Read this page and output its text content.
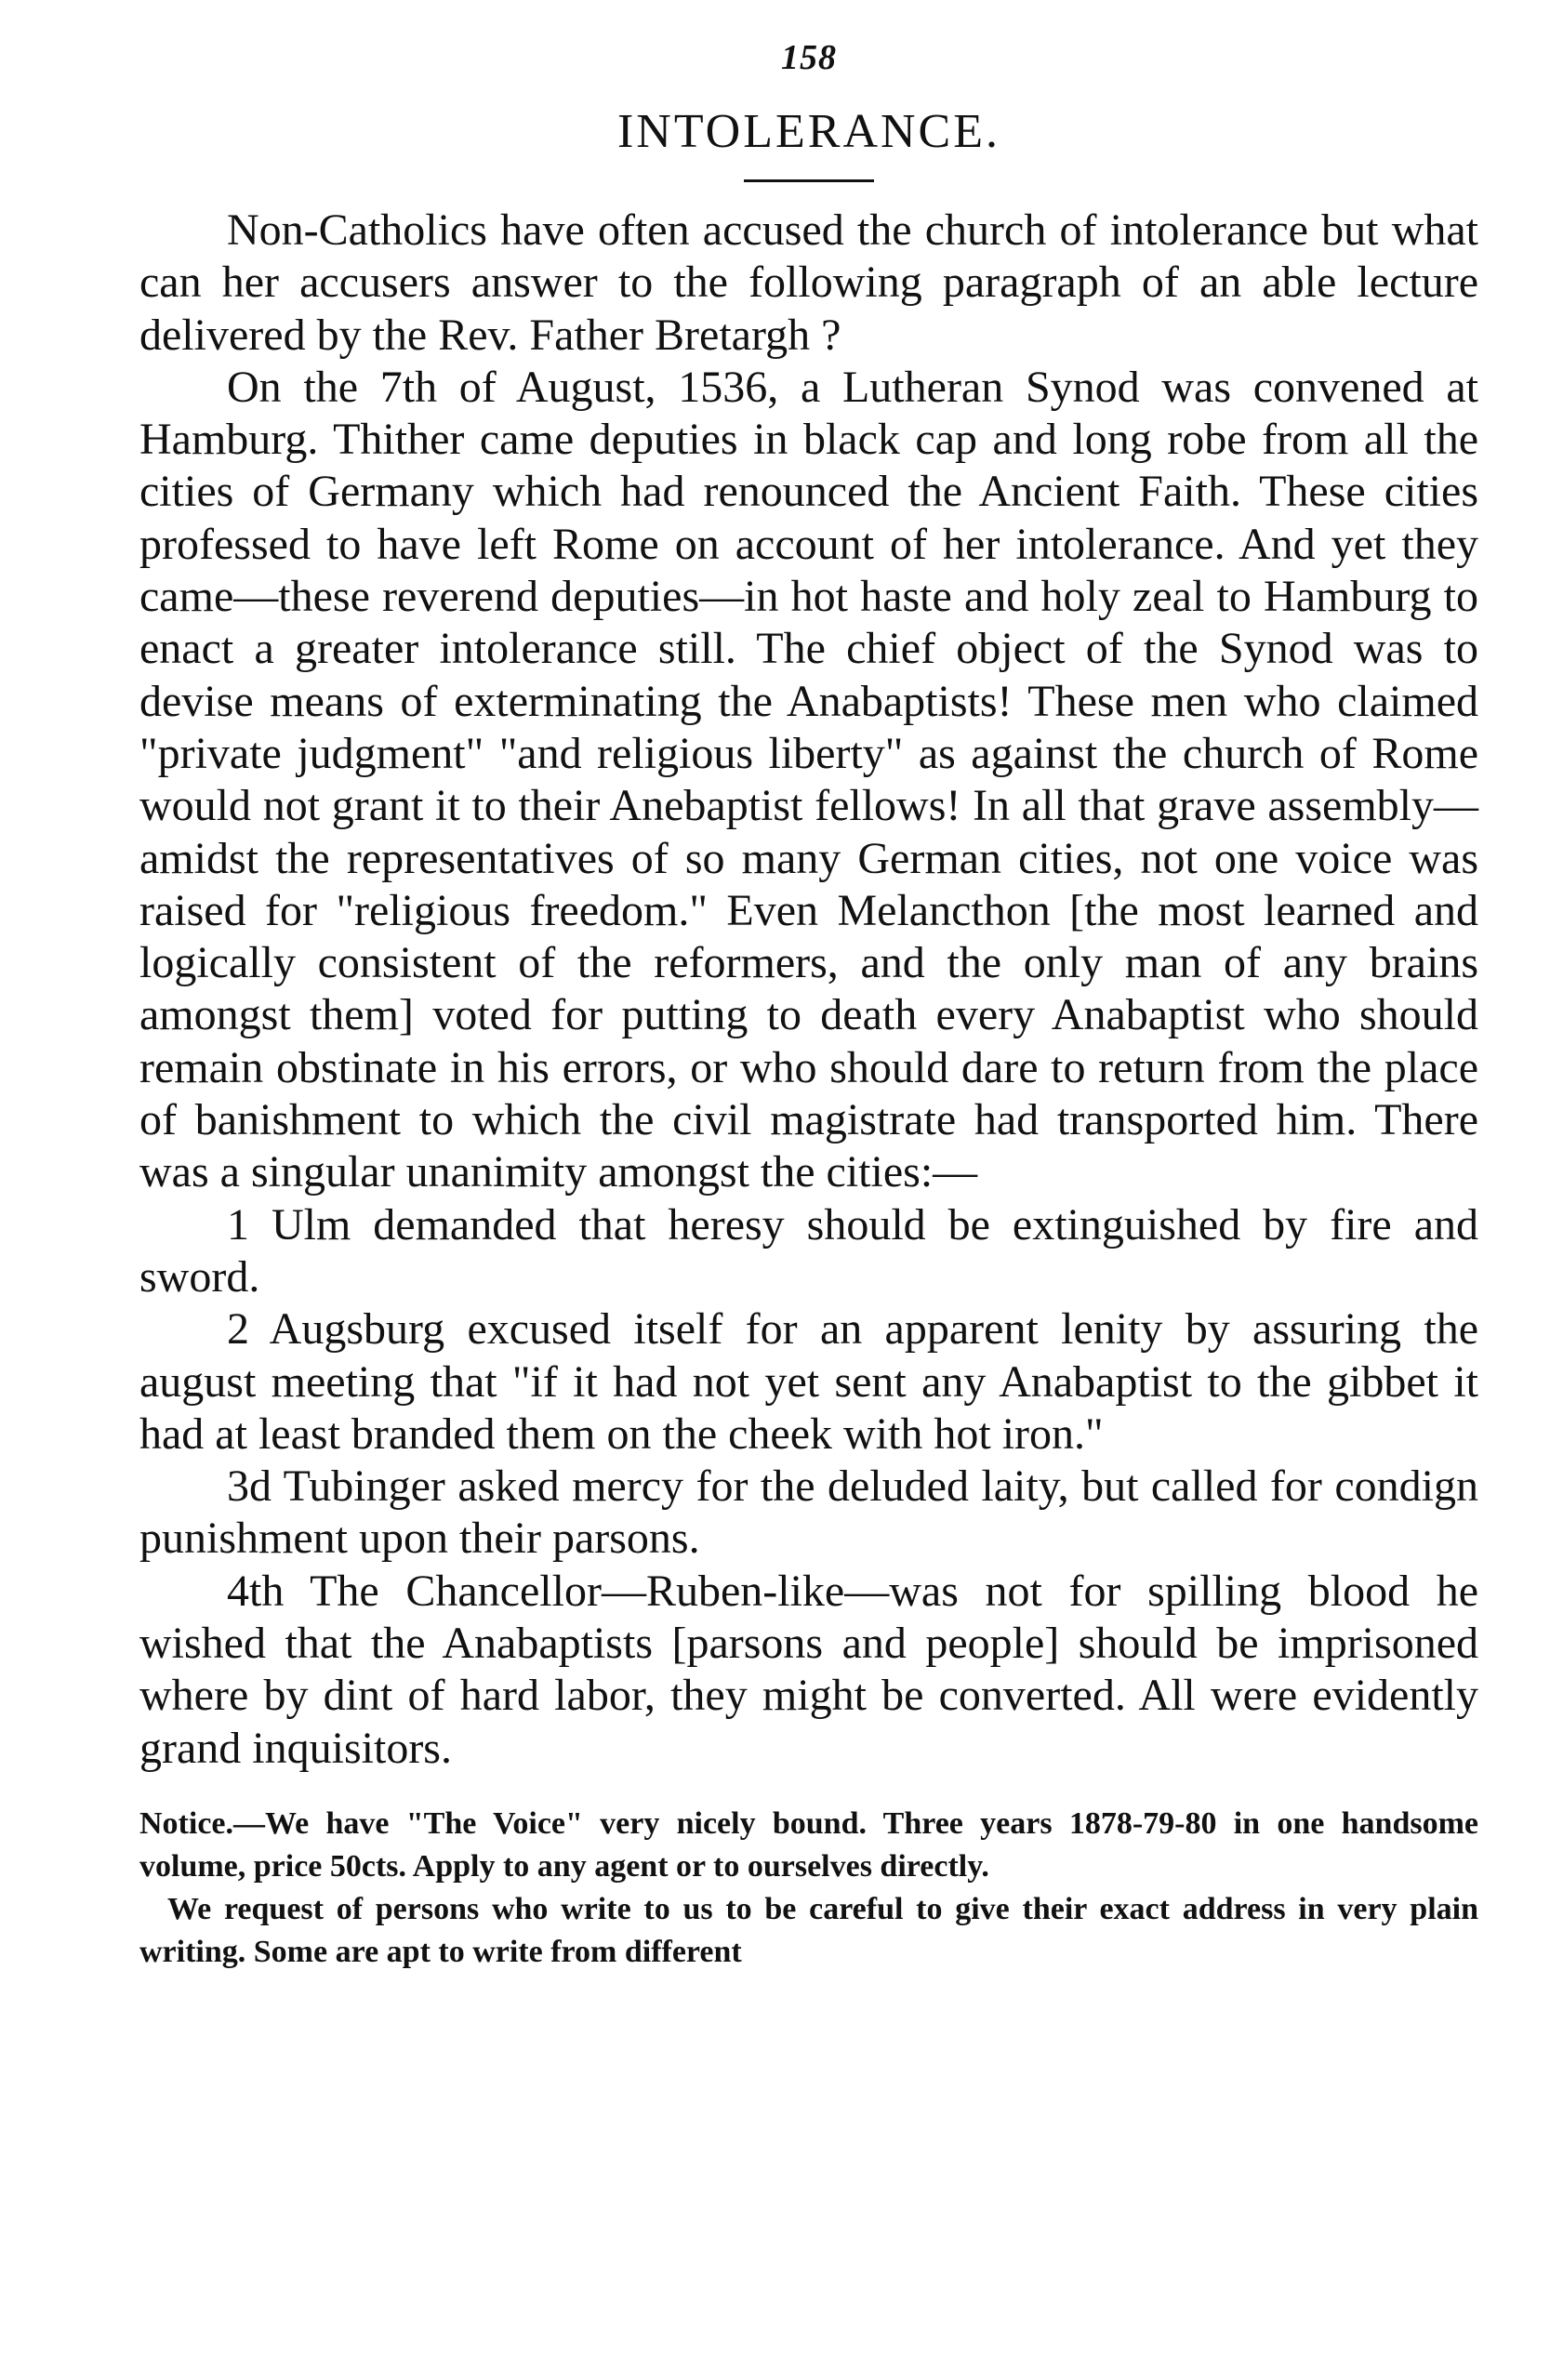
158
INTOLERANCE.

Non-Catholics have often accused the church of intolerance but what can her accusers answer to the following paragraph of an able lecture delivered by the Rev. Father Bretargh ?

On the 7th of August, 1536, a Lutheran Synod was convened at Hamburg. Thither came deputies in black cap and long robe from all the cities of Germany which had renounced the Ancient Faith. These cities professed to have left Rome on account of her intolerance. And yet they came—these reverend deputies—in hot haste and holy zeal to Hamburg to enact a greater intolerance still. The chief object of the Synod was to devise means of exterminating the Anabaptists! These men who claimed "private judgment" "and religious liberty" as against the church of Rome would not grant it to their Anebaptist fellows! In all that grave assembly—amidst the representatives of so many German cities, not one voice was raised for "religious freedom." Even Melancthon [the most learned and logically consistent of the reformers, and the only man of any brains amongst them] voted for putting to death every Anabaptist who should remain obstinate in his errors, or who should dare to return from the place of banishment to which the civil magistrate had transported him. There was a singular unanimity amongst the cities:—

1 Ulm demanded that heresy should be extinguished by fire and sword.

2 Augsburg excused itself for an apparent lenity by assuring the august meeting that "if it had not yet sent any Anabaptist to the gibbet it had at least branded them on the cheek with hot iron."

3d Tubinger asked mercy for the deluded laity, but called for condign punishment upon their parsons.

4th The Chancellor—Ruben-like—was not for spilling blood he wished that the Anabaptists [parsons and people] should be imprisoned where by dint of hard labor, they might be converted. All were evidently grand inquisitors.

Notice.—We have "The Voice" very nicely bound. Three years 1878-79-80 in one handsome volume, price 50cts. Apply to any agent or to ourselves directly.

We request of persons who write to us to be careful to give their exact address in very plain writing. Some are apt to write from different
